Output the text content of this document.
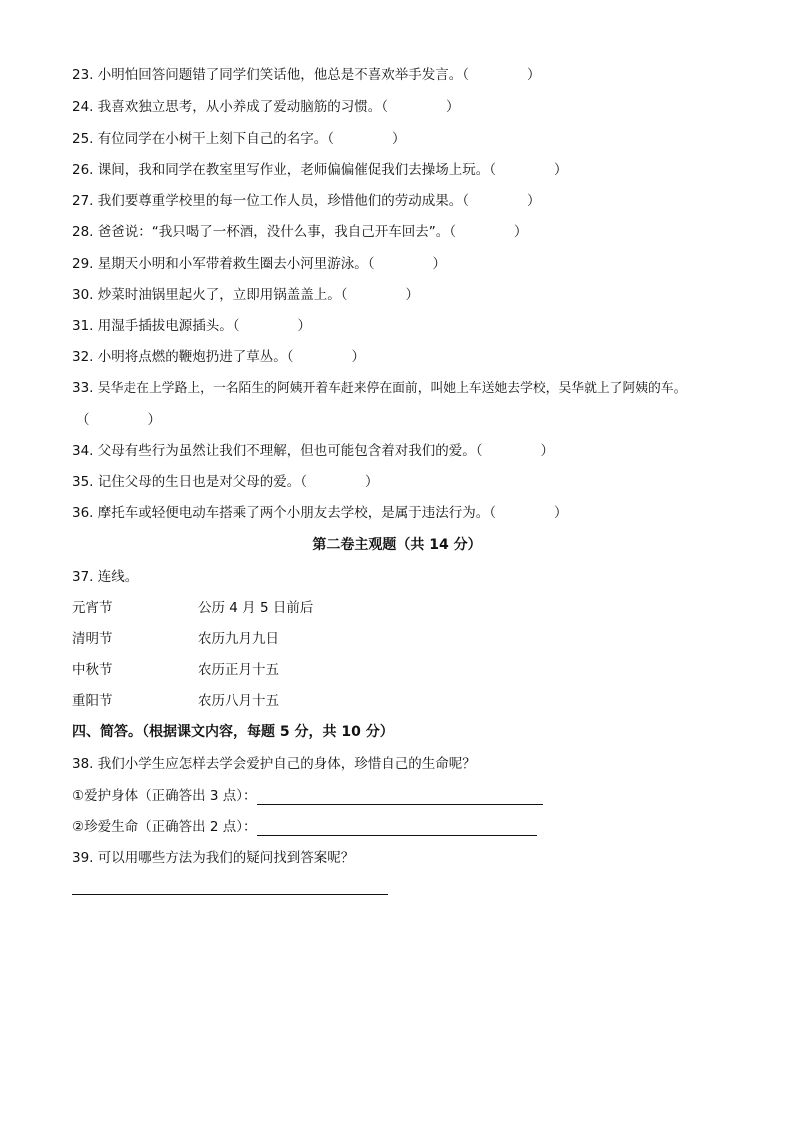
23. 小明怕回答问题错了同学们笑话他，他总是不喜欢举手发言。（	）
24. 我喜欢独立思考，从小养成了爱动脑筋的习惯。（	）
25. 有位同学在小树干上刻下自己的名字。（	）
26. 课间，我和同学在教室里写作业，老师偏偏催促我们去操场上玩。（	）
27. 我们要尊重学校里的每一位工作人员，珍惜他们的劳动成果。（	）
28. 爸爸说：“我只喝了一杯酒，没什么事，我自己开车回去”。（	）
29. 星期天小明和小军带着救生圈去小河里游泳。（	）
30. 炒菜时油锅里起火了，立即用锅盖盖上。（	）
31. 用湿手插拔电源插头。（	）
32. 小明将点燃的鞭炮扔进了草丛。（	）
33. 吴华走在上学路上，一名陌生的阿姨开着车赶来停在面前，叫她上车送她去学校，吴华就上了阿姨的车。
（	）
34. 父母有些行为虽然让我们不理解，但也可能包含着对我们的爱。（	）
35. 记住父母的生日也是对父母的爱。（	）
36. 摩托车或轻便电动车搭乘了两个小朋友去学校，是属于违法行为。（	）
第二卷主观题（共 14 分）
37. 连线。
元宵节	公历 4 月 5 日前后
清明节	农历九月九日
中秋节	农历正月十五
重阳节	农历八月十五
四、简答。（根据课文内容，每题 5 分，共 10 分）
38. 我们小学生应怎样去学会爱护自己的身体，珍惜自己的生命呢？
①爱护身体（正确答出 3 点）：
②珍爱生命（正确答出 2 点）：
39. 可以用哪些方法为我们的疑问找到答案呢？
